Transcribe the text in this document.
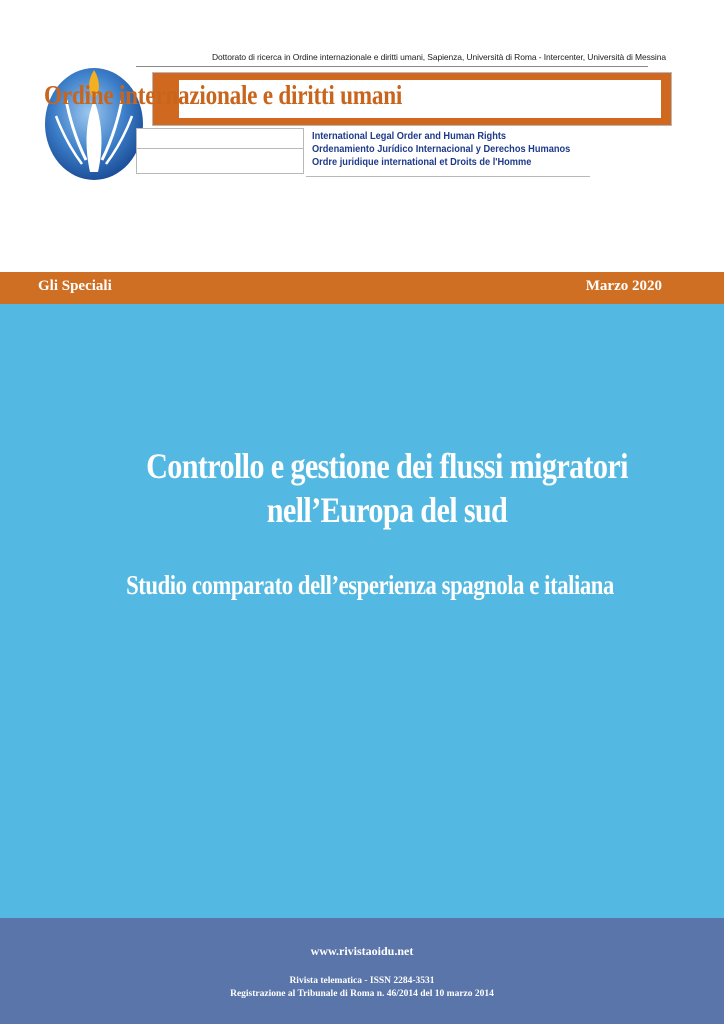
Dottorato di ricerca in Ordine internazionale e diritti umani, Sapienza, Università di Roma - Intercenter, Università di Messina
Ordine internazionale e diritti umani
International Legal Order and Human Rights
Ordenamiento Jurídico Internacional y Derechos Humanos
Ordre juridique international et Droits de l'Homme
Gli Speciali	Marzo 2020
Controllo e gestione dei flussi migratori
nell’Europa del sud
Studio comparato dell’esperienza spagnola e italiana
www.rivistaoidu.net
Rivista telematica - ISSN 2284-3531
Registrazione al Tribunale di Roma n. 46/2014 del 10 marzo 2014
